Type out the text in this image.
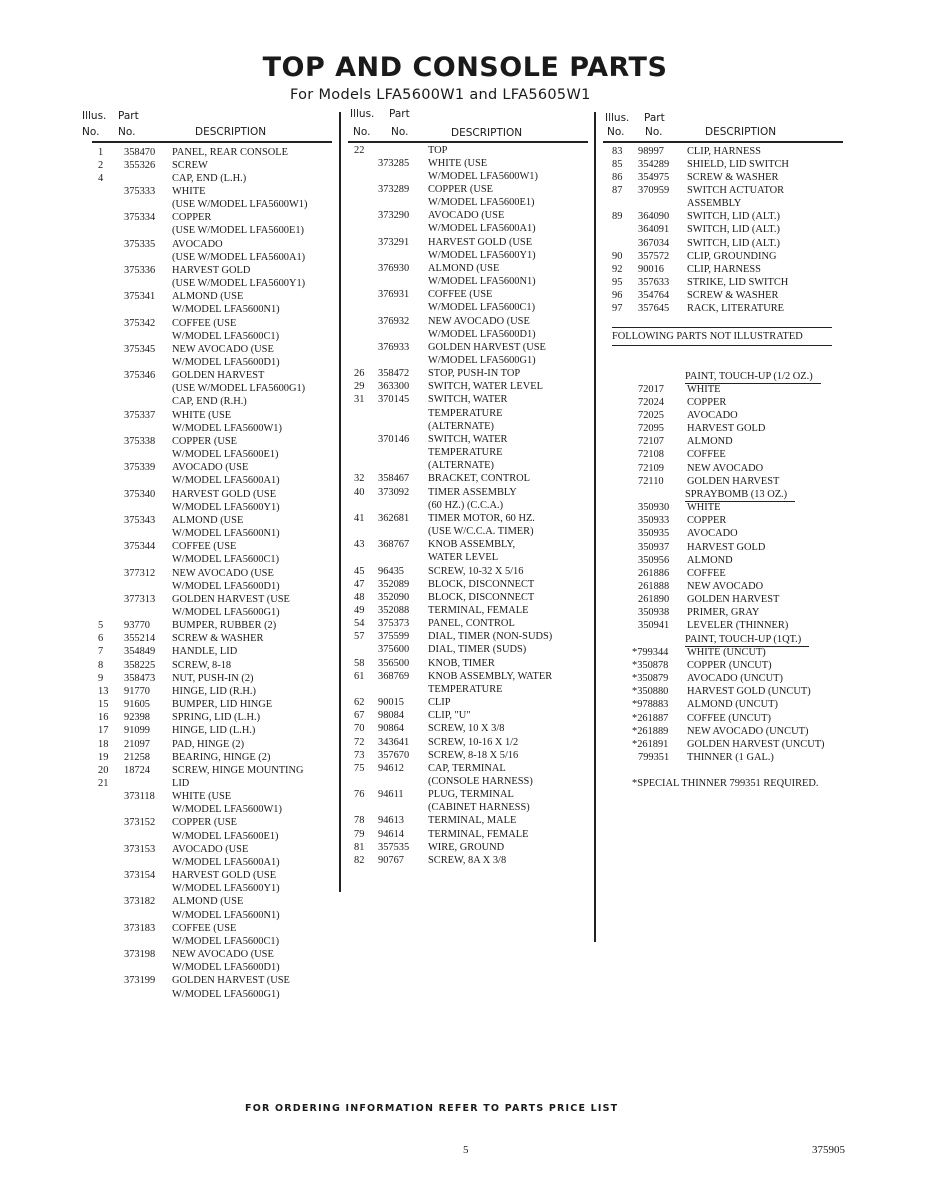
TOP AND CONSOLE PARTS
For Models LFA5600W1 and LFA5605W1
Illus. Part
No. No.	DESCRIPTION
Illus. Part
No. No.	DESCRIPTION
Illus. Part
No. No.	DESCRIPTION
1 358470 PANEL, REAR CONSOLE
2 355326 SCREW
4	CAP, END (L.H.)
375333 WHITE
(USE W/MODEL LFA5600W1)
375334 COPPER
(USE W/MODEL LFA5600E1)
375335 AVOCADO
(USE W/MODEL LFA5600A1)
375336 HARVEST GOLD
(USE W/MODEL LFA5600Y1)
375341 ALMOND (USE
W/MODEL LFA5600N1)
375342 COFFEE (USE
W/MODEL LFA5600C1)
375345 NEW AVOCADO (USE
W/MODEL LFA5600D1)
375346 GOLDEN HARVEST
(USE W/MODEL LFA5600G1)
CAP, END (R.H.)
375337 WHITE (USE
W/MODEL LFA5600W1)
375338 COPPER (USE
W/MODEL LFA5600E1)
375339 AVOCADO (USE
W/MODEL LFA5600A1)
375340 HARVEST GOLD (USE
W/MODEL LFA5600Y1)
375343 ALMOND (USE
W/MODEL LFA5600N1)
375344 COFFEE (USE
W/MODEL LFA5600C1)
377312 NEW AVOCADO (USE
W/MODEL LFA5600D1)
377313 GOLDEN HARVEST (USE
W/MODEL LFA5600G1)
5 93770 BUMPER, RUBBER (2)
6 355214 SCREW & WASHER
7 354849 HANDLE, LID
8 358225 SCREW, 8-18
9 358473 NUT, PUSH-IN (2)
13 91770 HINGE, LID (R.H.)
15 91605 BUMPER, LID HINGE
16 92398 SPRING, LID (L.H.)
17 91099 HINGE, LID (L.H.)
18 21097 PAD, HINGE (2)
19 21258 BEARING, HINGE (2)
20 18724 SCREW, HINGE MOUNTING
21	LID
373118 WHITE (USE
W/MODEL LFA5600W1)
373152 COPPER (USE
W/MODEL LFA5600E1)
373153 AVOCADO (USE
W/MODEL LFA5600A1)
373154 HARVEST GOLD (USE
W/MODEL LFA5600Y1)
373182 ALMOND (USE
W/MODEL LFA5600N1)
373183 COFFEE (USE
W/MODEL LFA5600C1)
373198 NEW AVOCADO (USE
W/MODEL LFA5600D1)
373199 GOLDEN HARVEST (USE
W/MODEL LFA5600G1)
22	TOP
373285 WHITE (USE
W/MODEL LFA5600W1)
373289 COPPER (USE
W/MODEL LFA5600E1)
373290 AVOCADO (USE
W/MODEL LFA5600A1)
373291 HARVEST GOLD (USE
W/MODEL LFA5600Y1)
376930 ALMOND (USE
W/MODEL LFA5600N1)
376931 COFFEE (USE
W/MODEL LFA5600C1)
376932 NEW AVOCADO (USE
W/MODEL LFA5600D1)
376933 GOLDEN HARVEST (USE
W/MODEL LFA5600G1)
26 358472 STOP, PUSH-IN TOP
29 363300 SWITCH, WATER LEVEL
31 370145 SWITCH, WATER
TEMPERATURE
(ALTERNATE)
370146 SWITCH, WATER
TEMPERATURE
(ALTERNATE)
32 358467 BRACKET, CONTROL
40 373092 TIMER ASSEMBLY
(60 HZ.) (C.C.A.)
41 362681 TIMER MOTOR, 60 HZ.
(USE W/C.C.A. TIMER)
43 368767 KNOB ASSEMBLY,
WATER LEVEL
45 96435 SCREW, 10-32 X 5/16
47 352089 BLOCK, DISCONNECT
48 352090 BLOCK, DISCONNECT
49 352088 TERMINAL, FEMALE
54 375373 PANEL, CONTROL
57 375599 DIAL, TIMER (NON-SUDS)
375600 DIAL, TIMER (SUDS)
58 356500 KNOB, TIMER
61 368769 KNOB ASSEMBLY, WATER
TEMPERATURE
62 90015 CLIP
67 98084 CLIP, "U"
70 90864 SCREW, 10 X 3/8
72 343641 SCREW, 10-16 X 1/2
73 357670 SCREW, 8-18 X 5/16
75 94612 CAP, TERMINAL
(CONSOLE HARNESS)
76 94611 PLUG, TERMINAL
(CABINET HARNESS)
78 94613 TERMINAL, MALE
79 94614 TERMINAL, FEMALE
81 357535 WIRE, GROUND
82 90767 SCREW, 8A X 3/8
83 98997 CLIP, HARNESS
85 354289 SHIELD, LID SWITCH
86 354975 SCREW & WASHER
87 370959 SWITCH ACTUATOR
ASSEMBLY
89 364090 SWITCH, LID (ALT.)
364091 SWITCH, LID (ALT.)
367034 SWITCH, LID (ALT.)
90 357572 CLIP, GROUNDING
92 90016 CLIP, HARNESS
95 357633 STRIKE, LID SWITCH
96 354764 SCREW & WASHER
97 357645 RACK, LITERATURE
FOLLOWING PARTS NOT ILLUSTRATED
PAINT, TOUCH-UP (1/2 OZ.)
72017 WHITE
72024 COPPER
72025 AVOCADO
72095 HARVEST GOLD
72107 ALMOND
72108 COFFEE
72109 NEW AVOCADO
72110 GOLDEN HARVEST
SPRAYBOMB (13 OZ.)
350930 WHITE
350933 COPPER
350935 AVOCADO
350937 HARVEST GOLD
350956 ALMOND
261886 COFFEE
261888 NEW AVOCADO
261890 GOLDEN HARVEST
350938 PRIMER, GRAY
350941 LEVELER (THINNER)
PAINT, TOUCH-UP (1QT.)
*799344 WHITE (UNCUT)
*350878 COPPER (UNCUT)
*350879 AVOCADO (UNCUT)
*350880 HARVEST GOLD (UNCUT)
*978883 ALMOND (UNCUT)
*261887 COFFEE (UNCUT)
*261889 NEW AVOCADO (UNCUT)
*261891 GOLDEN HARVEST (UNCUT)
799351 THINNER (1 GAL.)
*SPECIAL THINNER 799351 REQUIRED.
FOR ORDERING INFORMATION REFER TO PARTS PRICE LIST
5	375905
